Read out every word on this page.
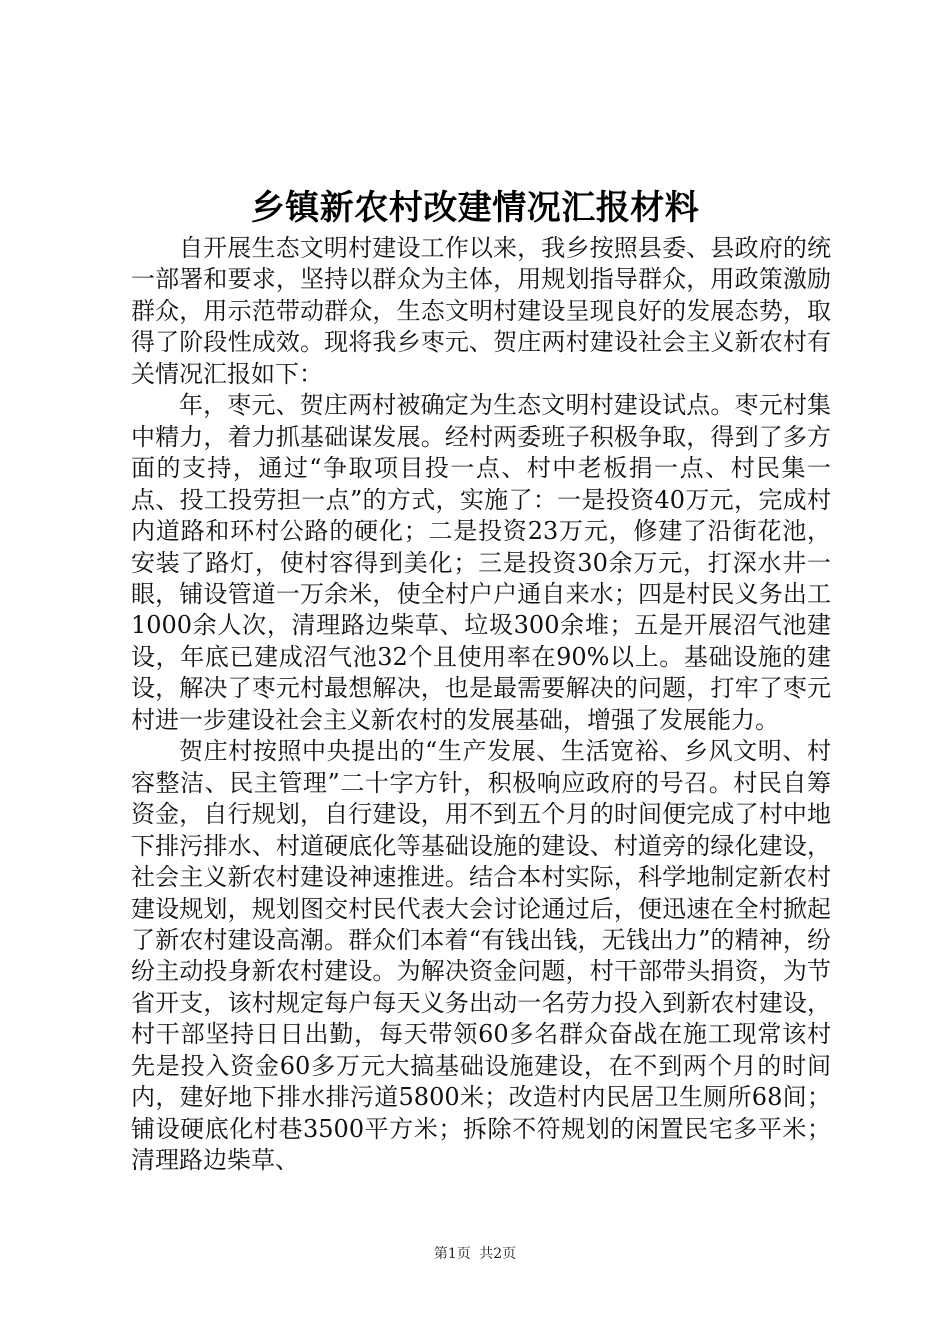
乡镇新农村改建情况汇报材料

自开展生态文明村建设工作以来，我乡按照县委、县政府的统一部署和要求，坚持以群众为主体，用规划指导群众，用政策激励群众，用示范带动群众，生态文明村建设呈现良好的发展态势，取得了阶段性成效。现将我乡枣元、贺庄两村建设社会主义新农村有关情况汇报如下：

年，枣元、贺庄两村被确定为生态文明村建设试点。枣元村集中精力，着力抓基础谋发展。经村两委班子积极争取，得到了多方面的支持，通过“争取项目投一点、村中老板捐一点、村民集一点、投工投劳担一点”的方式，实施了：一是投资40万元，完成村内道路和环村公路的硬化；二是投资23万元，修建了沿街花池，安装了路灯，使村容得到美化；三是投资30余万元，打深水井一眼，铺设管道一万余米，使全村户户通自来水；四是村民义务出工1000余人次，清理路边柴草、垃圾300余堆；五是开展沼气池建设，年底已建成沼气池32个且使用率在90%以上。基础设施的建设，解决了枣元村最想解决，也是最需要解决的问题，打牢了枣元村进一步建设社会主义新农村的发展基础，增强了发展能力。

贺庄村按照中央提出的“生产发展、生活宽裕、乡风文明、村容整洁、民主管理”二十字方针，积极响应政府的号召。村民自筹资金，自行规划，自行建设，用不到五个月的时间便完成了村中地下排污排水、村道硬底化等基础设施的建设、村道旁的绿化建设，社会主义新农村建设神速推进。结合本村实际，科学地制定新农村建设规划，规划图交村民代表大会讨论通过后，便迅速在全村掀起了新农村建设高潮。群众们本着“有钱出钱，无钱出力”的精神，纷纷主动投身新农村建设。为解决资金问题，村干部带头捐资，为节省开支，该村规定每户每天义务出动一名劳力投入到新农村建设，村干部坚持日日出勤，每天带领60多名群众奋战在施工现常该村先是投入资金60多万元大搞基础设施建设，在不到两个月的时间内，建好地下排水排污道5800米；改造村内民居卫生厕所68间；铺设硬底化村巷3500平方米；拆除不符规划的闲置民宅多平米；清理路边柴草、

第1页 共2页
